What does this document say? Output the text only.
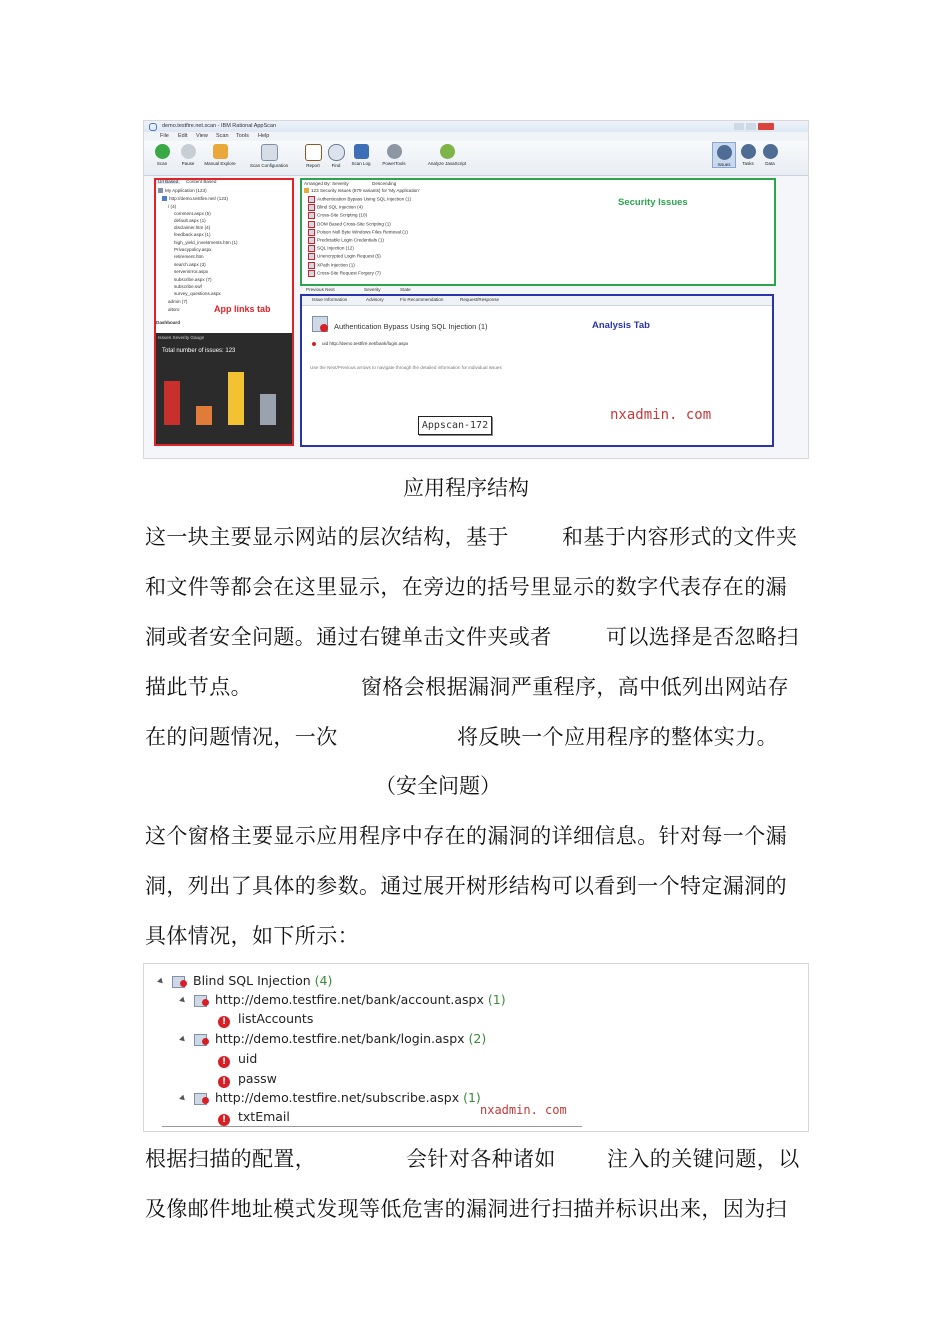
demo.testfire.net.scan - IBM Rational AppScan
File Edit View Scan Tools Help
Scan	Pause	Manual Explore	Scan Configuration	Report	Find	Scan Log	PowerTools	Analyze JavaScript	Issues	Tasks	Data
Url Based	Content Based
My Application (123)
http://demo.testfire.net/ (123)
/ (4)
comment.aspx (5)
default.aspx (1)
disclaimer.htm (4)
feedback.aspx (1)
high_yield_investments.htm (1)
Privacypolicy.aspx
retirement.htm
search.aspx (3)
serverinrror.aspx
subscribe.aspx (7)
subscribe.swf
survey_questions.aspx
admin (7)
altoro	App links tab
Dashboard
Issues Severity Gauge
Total number of issues: 123
Arranged By: Severity	Descending
123 Security Issues (879 variants) for 'My Application'
Authentication Bypass Using SQL Injection (1)
Blind SQL Injection (4)
Cross-Site Scripting (10)
DOM Based Cross-Site Scripting (1)
Poison Null Byte Windows Files Retrieval (1)
Predictable Login Credentials (1)
SQL Injection (12)
Unencrypted Login Request (5)
XPath Injection (1)
Cross-Site Request Forgery (7)
Security Issues
Previous Next	Severity	State
Issue Information	Advisory	Fix Recommendation	Request/Response
Authentication Bypass Using SQL Injection (1)
uid http://demo.testfire.net/bank/login.aspx
Use the Next/Previous arrows to navigate through the detailed information for individual issues
Analysis Tab
nxadmin. com
Appscan-172
应用程序结构
这一块主要显示网站的层次结构，基于	和基于内容形式的文件夹
和文件等都会在这里显示，在旁边的括号里显示的数字代表存在的漏
洞或者安全问题。通过右键单击文件夹或者	可以选择是否忽略扫
描此节点。	窗格会根据漏洞严重程序，高中低列出网站存
在的问题情况，一次	将反映一个应用程序的整体实力。
（安全问题）
这个窗格主要显示应用程序中存在的漏洞的详细信息。针对每一个漏
洞，列出了具体的参数。通过展开树形结构可以看到一个特定漏洞的
具体情况，如下所示：
Blind SQL Injection (4)
http://demo.testfire.net/bank/account.aspx (1)
! listAccounts
http://demo.testfire.net/bank/login.aspx (2)
! uid
! passw
http://demo.testfire.net/subscribe.aspx (1)
! txtEmail	nxadmin. com
根据扫描的配置，	会针对各种诸如 注入的关键问题，以
及像邮件地址模式发现等低危害的漏洞进行扫描并标识出来，因为扫
